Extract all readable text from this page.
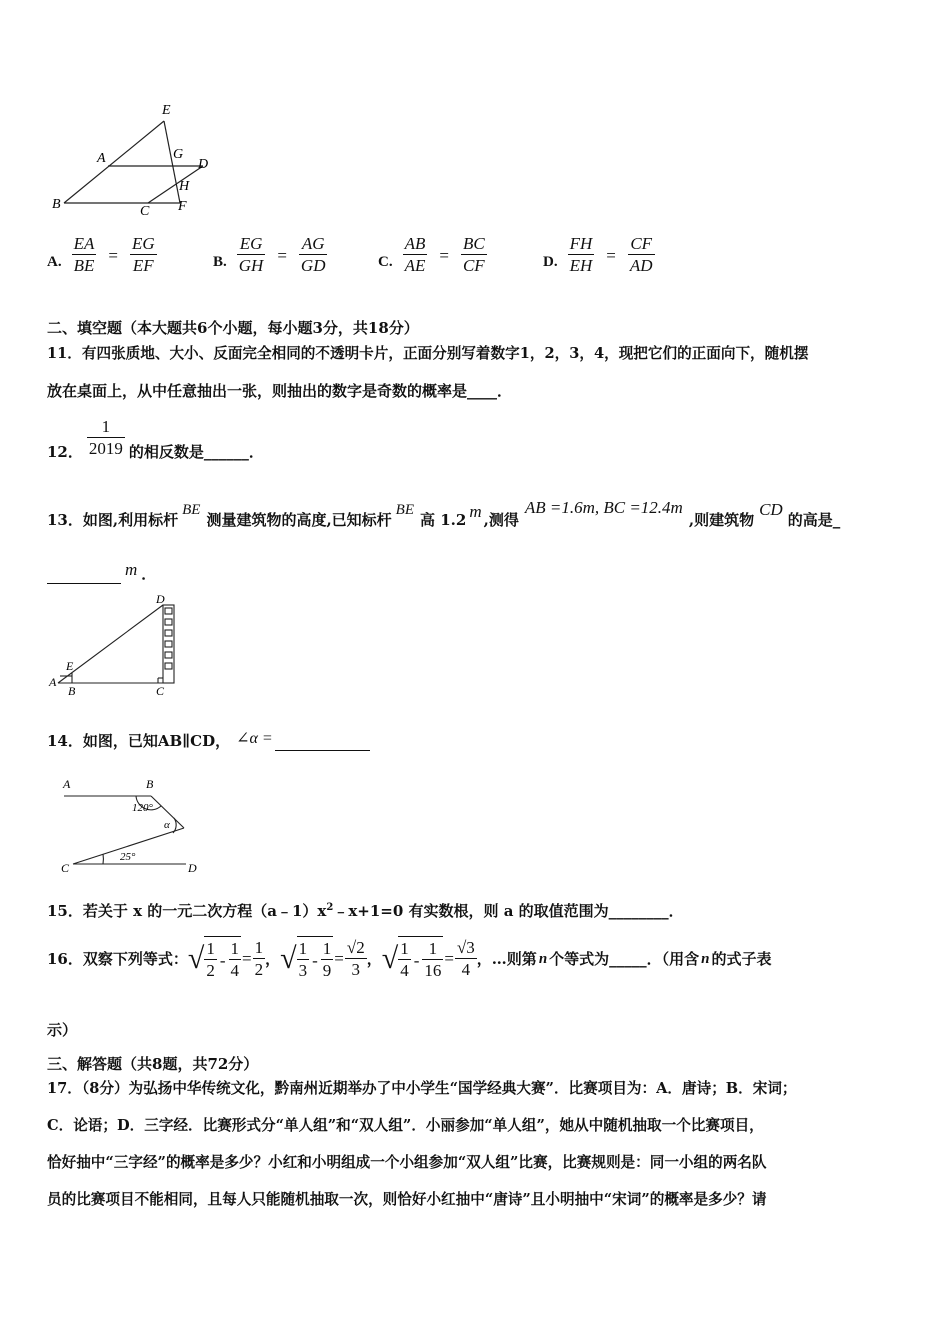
E
A	G
D
H
B	C F
A. $\frac{EA}{BE} = \frac{EG}{EF}$	B. $\frac{EG}{GH} = \frac{AG}{GD}$	C. $\frac{AB}{AE} = \frac{BC}{CF}$	D. $\frac{FH}{EH} = \frac{CF}{AD}$
二、填空题（本大题共6个小题，每小题3分，共18分）
11．有四张质地、大小、反面完全相同的不透明卡片，正面分别写着数字1，2，3，4，现把它们的正面向下，随机摆
放在桌面上，从中任意抽出一张，则抽出的数字是奇数的概率是____．
12． $\frac{1}{2019}$ 的相反数是______．
13．如图,利用标杆
BE
测量建筑物的高度,已知标杆
BE
高 1.2 m ,测得
AB =1.6m, BC =12.4m
,则建筑物
CD
的高是_
m ．
D
E
A
B	C
14．如图，已知AB∥CD， ∠α =
A	B
C	D
120°
α
25°
15．若关于 x 的一元二次方程$(a﹣1)x^2﹣x+1=0$ 有实数根，则 a 的取值范围为________．
16．双察下列等式： √ $\frac{1}{2} - \frac{1}{4} = \frac{1}{2}$ ， √ $\frac{1}{3} - \frac{1}{9} = \frac{√2}{3}$ ， √ $\frac{1}{4} - \frac{1}{16} = \frac{√3}{4}$ ，…则第 n 个等式为_____．（用含 n 的式子表
示）
三、解答题（共8题，共72分）
17．（8分）为弘扬中华传统文化，黔南州近期举办了中小学生“国学经典大赛”．比赛项目为：A．唐诗；B．宋词；
C．论语；D．三字经．比赛形式分“单人组”和“双人组”．小丽参加“单人组”，她从中随机抽取一个比赛项目，
恰好抽中“三字经”的概率是多少？小红和小明组成一个小组参加“双人组”比赛，比赛规则是：同一小组的两名队
员的比赛项目不能相同，且每人只能随机抽取一次，则恰好小红抽中“唐诗”且小明抽中“宋词”的概率是多少？请
